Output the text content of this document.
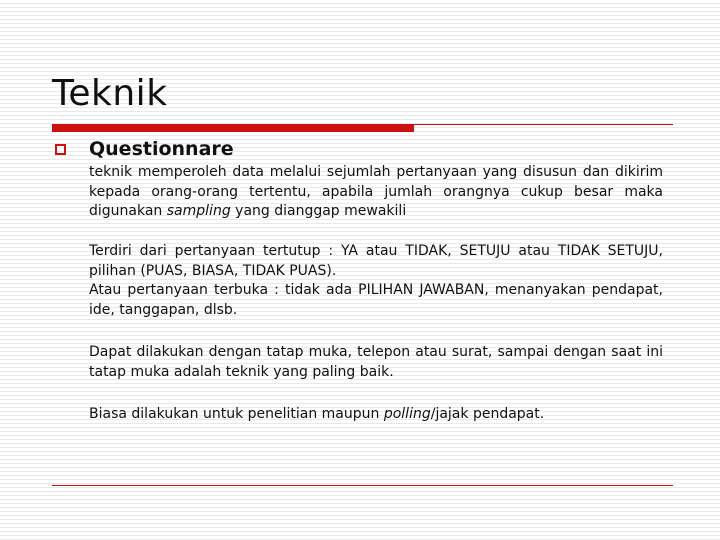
Teknik
Questionnare
teknik memperoleh data melalui sejumlah pertanyaan yang disusun dan dikirim kepada orang-orang tertentu, apabila jumlah orangnya cukup besar maka digunakan sampling yang dianggap mewakili
Terdiri dari pertanyaan tertutup : YA atau TIDAK, SETUJU atau TIDAK SETUJU, pilihan (PUAS, BIASA, TIDAK PUAS).
Atau pertanyaan terbuka : tidak ada PILIHAN JAWABAN, menanyakan pendapat, ide, tanggapan, dlsb.
Dapat dilakukan dengan tatap muka, telepon atau surat, sampai dengan saat ini tatap muka adalah teknik yang paling baik.
Biasa dilakukan untuk penelitian maupun polling/jajak pendapat.
